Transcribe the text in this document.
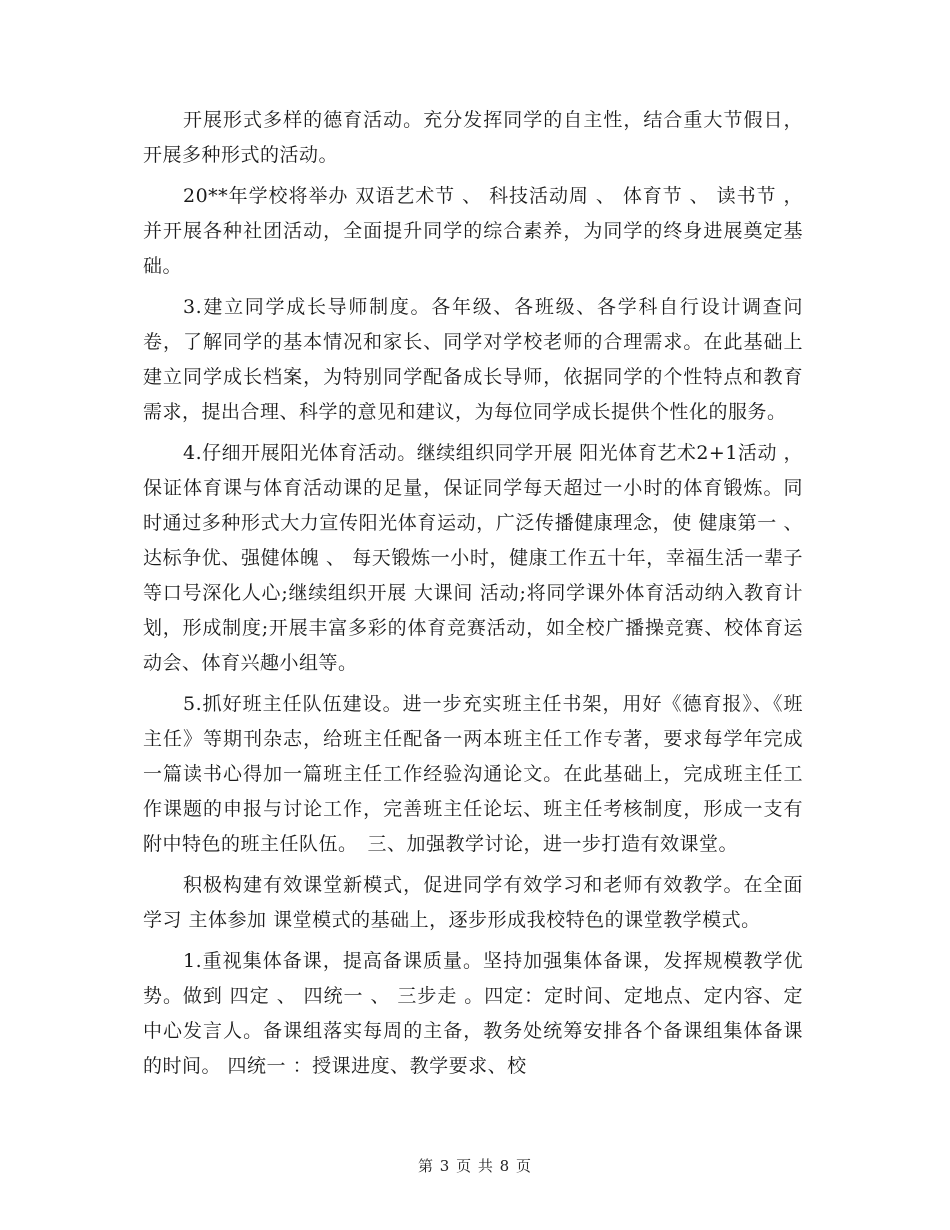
开展形式多样的德育活动。充分发挥同学的自主性，结合重大节假日，开展多种形式的活动。

20**年学校将举办 双语艺术节 、 科技活动周 、 体育节 、 读书节 ，并开展各种社团活动，全面提升同学的综合素养，为同学的终身进展奠定基础。

3.建立同学成长导师制度。各年级、各班级、各学科自行设计调查问卷，了解同学的基本情况和家长、同学对学校老师的合理需求。在此基础上建立同学成长档案，为特别同学配备成长导师，依据同学的个性特点和教育需求，提出合理、科学的意见和建议，为每位同学成长提供个性化的服务。

4.仔细开展阳光体育活动。继续组织同学开展 阳光体育艺术2+1活动 ，保证体育课与体育活动课的足量，保证同学每天超过一小时的体育锻炼。同时通过多种形式大力宣传阳光体育运动，广泛传播健康理念，使 健康第一 、 达标争优、强健体魄 、 每天锻炼一小时，健康工作五十年，幸福生活一辈子 等口号深化人心;继续组织开展 大课间 活动;将同学课外体育活动纳入教育计划，形成制度;开展丰富多彩的体育竞赛活动，如全校广播操竞赛、校体育运动会、体育兴趣小组等。

5.抓好班主任队伍建设。进一步充实班主任书架，用好《德育报》、《班主任》等期刊杂志，给班主任配备一两本班主任工作专著，要求每学年完成一篇读书心得加一篇班主任工作经验沟通论文。在此基础上，完成班主任工作课题的申报与讨论工作，完善班主任论坛、班主任考核制度，形成一支有附中特色的班主任队伍。　三、加强教学讨论，进一步打造有效课堂。

积极构建有效课堂新模式，促进同学有效学习和老师有效教学。在全面学习 主体参加 课堂模式的基础上，逐步形成我校特色的课堂教学模式。

1.重视集体备课，提高备课质量。坚持加强集体备课，发挥规模教学优势。做到 四定 、 四统一 、 三步走 。四定：定时间、定地点、定内容、定中心发言人。备课组落实每周的主备，教务处统筹安排各个备课组集体备课的时间。 四统一 ：授课进度、教学要求、校

第 3 页 共 8 页
